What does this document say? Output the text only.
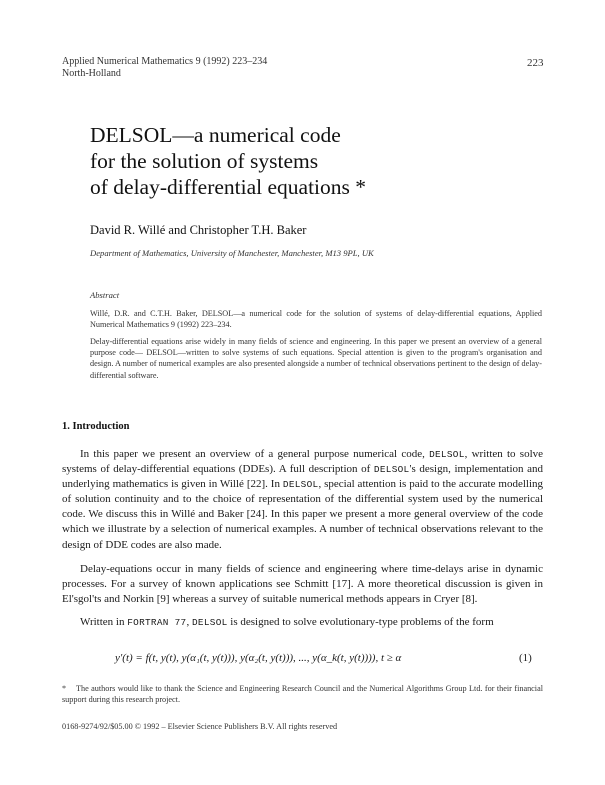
Applied Numerical Mathematics 9 (1992) 223–234
North-Holland
223
DELSOL—a numerical code
for the solution of systems
of delay-differential equations *
David R. Willé and Christopher T.H. Baker
Department of Mathematics, University of Manchester, Manchester, M13 9PL, UK
Abstract
Willé, D.R. and C.T.H. Baker, DELSOL—a numerical code for the solution of systems of delay-differential equations, Applied Numerical Mathematics 9 (1992) 223–234.
Delay-differential equations arise widely in many fields of science and engineering. In this paper we present an overview of a general purpose code— DELSOL—written to solve systems of such equations. Special attention is given to the program's organisation and design. A number of numerical examples are also presented alongside a number of technical observations pertinent to the design of delay-differential software.
1. Introduction
In this paper we present an overview of a general purpose numerical code, DELSOL, written to solve systems of delay-differential equations (DDEs). A full description of DELSOL's design, implementation and underlying mathematics is given in Willé [22]. In DELSOL, special attention is paid to the accurate modelling of solution continuity and to the choice of representation of the differential system used by the numerical code. We discuss this in Willé and Baker [24]. In this paper we present a more general overview of the code which we illustrate by a selection of numerical examples. A number of technical observations relevant to the design of DDE codes are also made.
Delay-equations occur in many fields of science and engineering where time-delays arise in dynamic processes. For a survey of known applications see Schmitt [17]. A more theoretical discussion is given in El'sgol'ts and Norkin [9] whereas a survey of suitable numerical methods appears in Cryer [8].
Written in FORTRAN 77, DELSOL is designed to solve evolutionary-type problems of the form
y′(t) = f(t, y(t), y(α₁(t, y(t))), y(α₂(t, y(t))), ..., y(α_k(t, y(t)))), t ≥ α	(1)
* The authors would like to thank the Science and Engineering Research Council and the Numerical Algorithms Group Ltd. for their financial support during this research project.
0168-9274/92/$05.00 © 1992 – Elsevier Science Publishers B.V. All rights reserved
